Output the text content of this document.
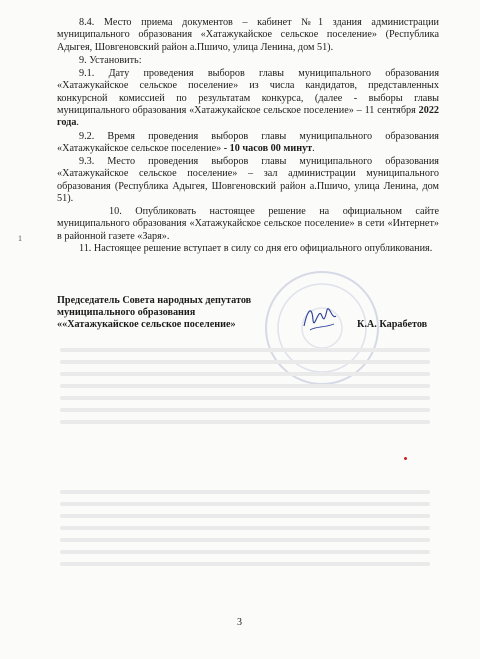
8.4. Место приема документов – кабинет №1 здания администрации муниципального образования «Хатажукайское сельское поселение» (Республика Адыгея, Шовгеновский район а.Пшичо, улица Ленина, дом 51).

9. Установить:

9.1. Дату проведения выборов главы муниципального образования «Хатажукайское сельское поселение» из числа кандидатов, представленных конкурсной комиссией по результатам конкурса, (далее - выборы главы муниципального образования «Хатажукайское сельское поселение» – 11 сентября 2022 года.

9.2. Время проведения выборов главы муниципального образования «Хатажукайское сельское поселение» - 10 часов 00 минут.

9.3. Место проведения выборов главы муниципального образования «Хатажукайское сельское поселение» – зал администрации муниципального образования (Республика Адыгея, Шовгеновский район а.Пшичо, улица Ленина, дом 51).

10. Опубликовать настоящее решение на официальном сайте муниципального образования «Хатажукайское сельское поселение» в сети «Интернет» в районной газете «Заря».

11. Настоящее решение вступает в силу со дня его официального опубликования.

1
Председатель Совета народных депутатов
муниципального образования
««Хатажукайское сельское поселение»	К.А. Карабетов
3
